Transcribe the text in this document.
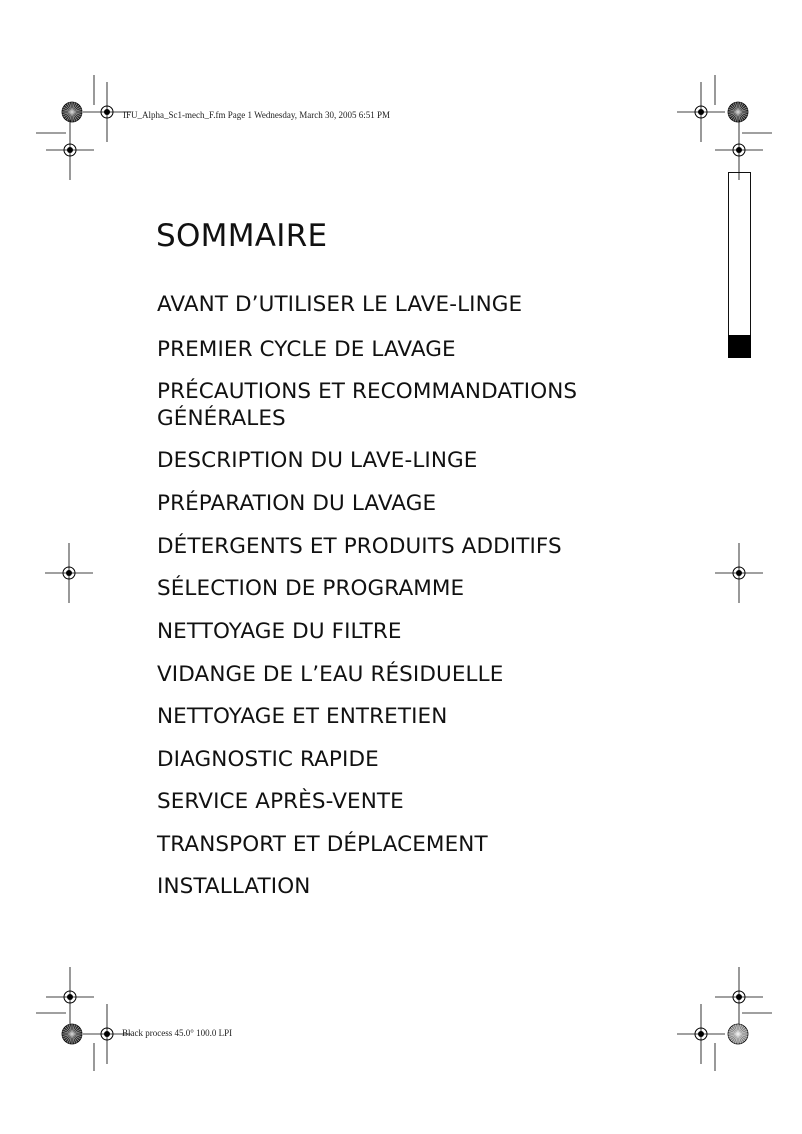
IFU_Alpha_Sc1-mech_F.fm Page 1 Wednesday, March 30, 2005 6:51 PM
SOMMAIRE
AVANT D’UTILISER LE LAVE-LINGE
PREMIER CYCLE DE LAVAGE
PRÉCAUTIONS ET RECOMMANDATIONS
GÉNÉRALES
DESCRIPTION DU LAVE-LINGE
PRÉPARATION DU LAVAGE
DÉTERGENTS ET PRODUITS ADDITIFS
SÉLECTION DE PROGRAMME
NETTOYAGE DU FILTRE
VIDANGE DE L’EAU RÉSIDUELLE
NETTOYAGE ET ENTRETIEN
DIAGNOSTIC RAPIDE
SERVICE APRÈS-VENTE
TRANSPORT ET DÉPLACEMENT
INSTALLATION
Black process 45.0° 100.0 LPI
